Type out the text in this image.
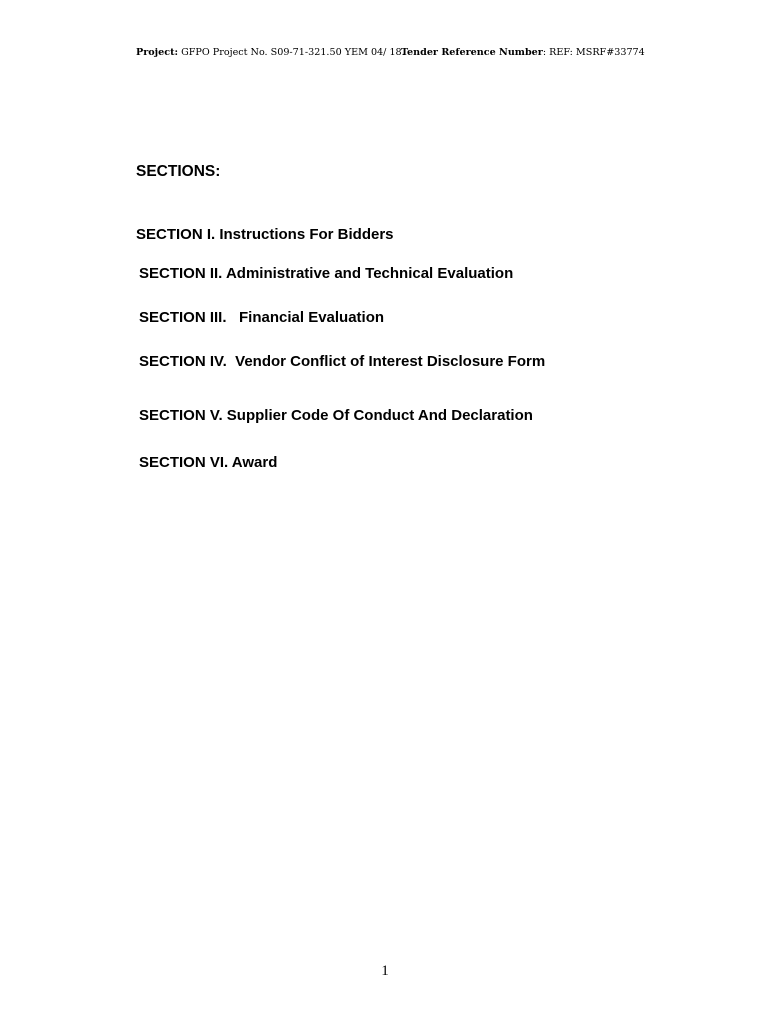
Project: GFPO Project No. S09-71-321.50 YEM 04/ 18.
Tender Reference Number: REF: MSRF#33774
SECTIONS:
SECTION I. Instructions For Bidders
SECTION II. Administrative and Technical Evaluation
SECTION III.   Financial Evaluation
SECTION IV.  Vendor Conflict of Interest Disclosure Form
SECTION V. Supplier Code Of Conduct And Declaration
SECTION VI. Award
1
